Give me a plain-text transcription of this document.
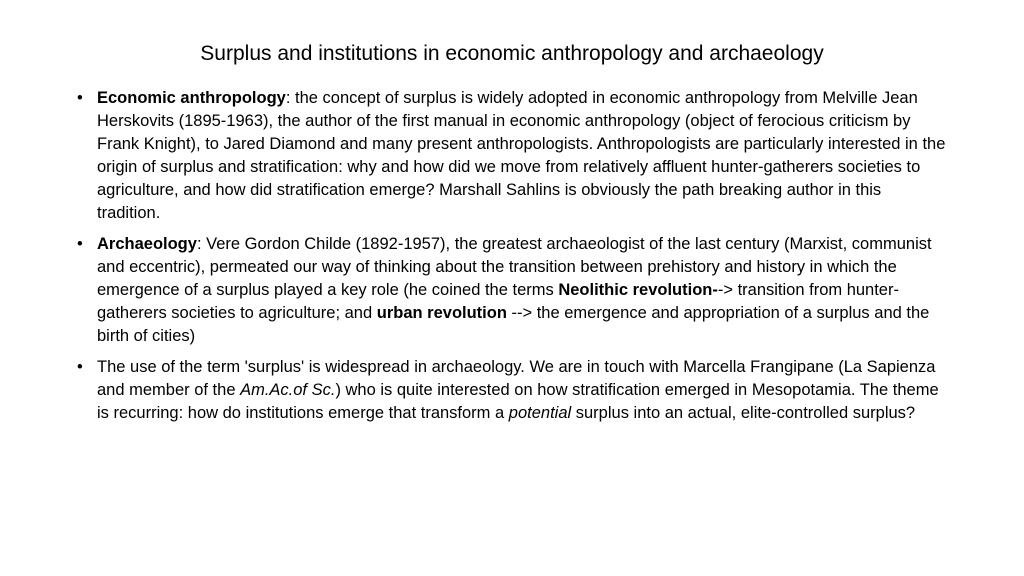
Surplus and institutions in economic anthropology and archaeology
• Economic anthropology: the concept of surplus is widely adopted in economic anthropology from Melville Jean Herskovits (1895-1963), the author of the first manual in economic anthropology (object of ferocious criticism by Frank Knight), to Jared Diamond and many present anthropologists. Anthropologists are particularly interested in the origin of surplus and stratification: why and how did we move from relatively affluent hunter-gatherers societies to agriculture, and how did stratification emerge? Marshall Sahlins is obviously the path breaking author in this tradition.
• Archaeology: Vere Gordon Childe (1892-1957), the greatest archaeologist of the last century (Marxist, communist and eccentric), permeated our way of thinking about the transition between prehistory and history in which the emergence of a surplus played a key role (he coined the terms Neolithic revolution--> transition from hunter-gatherers societies to agriculture; and urban revolution --> the emergence and appropriation of a surplus and the birth of cities)
• The use of the term 'surplus' is widespread in archaeology. We are in touch with Marcella Frangipane (La Sapienza and member of the Am.Ac.of Sc.) who is quite interested on how stratification emerged in Mesopotamia. The theme is recurring: how do institutions emerge that transform a potential surplus into an actual, elite-controlled surplus?
